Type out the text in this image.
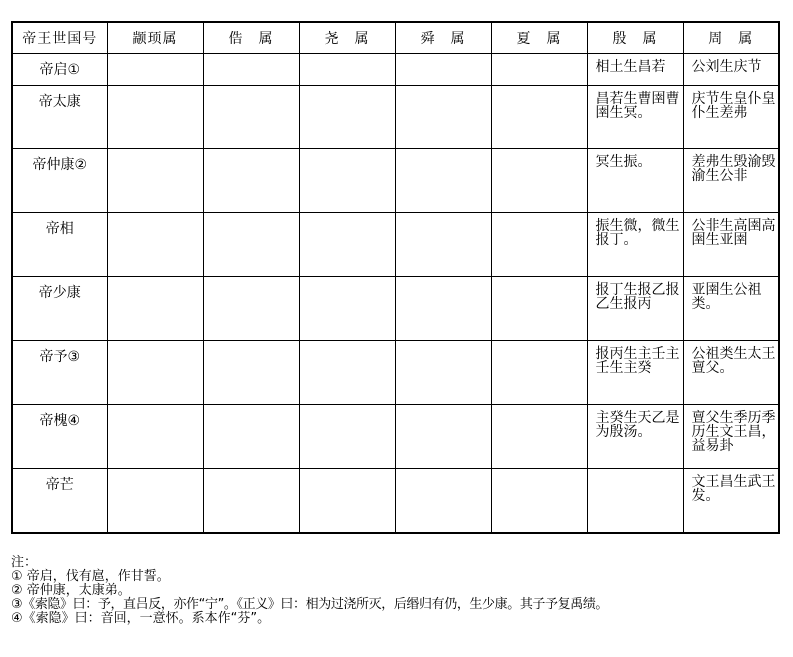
帝王世国号	颛顼属	俈　属	尧　属	舜　属	夏　属	殷　属	周　属
帝启①						相土生昌若	公刘生庆节
帝太康						昌若生曹圉曹圉生冥。	庆节生皇仆皇仆生差弗
帝仲康②						冥生振。	差弗生毁渝毁渝生公非
帝相						振生微，微生报丁。	公非生高圉高圉生亚圉
帝少康						报丁生报乙报乙生报丙	亚圉生公祖类。
帝予③						报丙生主壬主壬生主癸	公祖类生太王亶父。
帝槐④						主癸生天乙是为殷汤。	亶父生季历季历生文王昌，益易卦
帝芒							文王昌生武王发。
注：
① 帝启，伐有扈，作甘誓。
② 帝仲康，太康弟。
③《索隐》曰：予，直吕反，亦作“宁”。《正义》曰：相为过浇所灭，后缗归有仍，生少康。其子予复禹绩。
④《索隐》曰：音回，一意怀。系本作“芬”。
